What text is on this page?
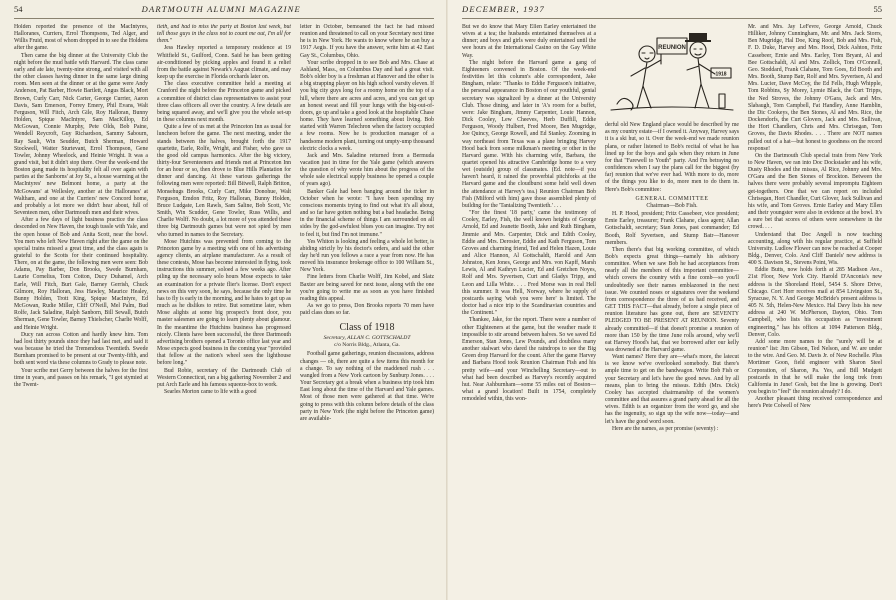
54	DARTMOUTH ALUMNI MAGAZINE

Holden reported the presence of the MacIntyres, Halloranes, Curriers, Errol Thompsons, Ted Alger, and Willis Fruid, most of whom dropped in to see the Holdens after the game.

Then came the big dinner at the University Club the night before the mud battle with Harvard. The class came early and ate late, twenty-nine strong, and visited with all the other classes having dinner in the same large dining room. Men seen at the dinner or at the game were Andy Anderson, Pat Barber, Howie Bartlett, Angus Black, Mort Brown, Curly Carr, Nick Carter, George Currier, Aaron Davis, Sam Emerson, Forrey Emery, Phil Evans, Walt Ferguson, Will Fitch, Arch Gile, Roy Halloran, Bunny Holden, Spique MacIntyre, Sam MacKillop, Ed McGowan, Connie Murphy, Pete Olds, Bob Paine, Wendell Reycroft, Guy Richardson, Sammy Sabourn, Ray Sault, Win Seudder, Butch Sherman, Howard Stockwell, Watter Sturtevant, Errol Thompson, Gene Towler, Johnny Wheelock, and Heinie Wright. It was a grand visit, but it didn't stop there. Over the week-end the Boston gang made its hospitality felt all over again with parties at the Sanborns' at Joy St., a house warming at the MacIntyres' new Belmont home, a party at the McGowans' at Wellesley, another at the Halloranes' at Waltham, and one at the Curriers' new Concord home, and probably a lot more we didn't hear about, full of Seventeen men, other Dartmouth men and their wives.

After a few days of light business practice the class descended on New Haven, the tough tussle with Yale, and the open house of Bob and Anita Scott, near the bowl. You men who left New Haven right after the game on the special trains missed a great time, and the class again is grateful to the Scotts for their continued hospitality. There, on at the game, the following men were seen: Bob Adams, Pay Barber, Don Brooks, Swede Burnham, Laurie Cornelius, Tom Cotton, Ducy Duhamel, Arch Earle, Will Fitch, Burt Gale, Barney Gerrish, Chuck Gilmore, Roy Halloran, Jess Hawley, Maurice Healey, Bunny Holden, Trott King, Spique MacIntyre, Ed McGowan, Rudie Miller, Cliff O'Neill, Mel Palm, Bud Rolfe, Jack Saladine, Ralph Sanborn, Bill Sewall, Butch Sherman, Gene Towler, Barney Thielscher, Charlie Wolff, and Heinie Wright.

Ducy ran across Cotton and hardly knew him. Tom had lost thirty pounds since they had last met, and said it was because he tried the Tremendous Twentieth. Swede Burnham promised to be present at our Twenty-fifth, and both sent word via these columns to Grady to please note.

Your scribe met Gerry between the halves for the first time in years, and passes on his remark, "I got stymied at the Twent-

tieth, and had to miss the party at Boston last week, but tell those guys in the class not to count me out, I'm all for them."

Jess Hawley reported a temporary residence at 19 Whitfield St., Guilford, Conn. Said he has been getting air-conditioned by picking apples and found it a relief from the battle against Newark's August climate, and may keep up the exercise in Florida orchards later on.

The class executive committee held a meeting at Cranford the night before the Princeton game and picked a committee of district class representatives to assist your three class officers all over the country. A few details are being squared away, and we'll give you the whole set-up in these columns next month.

Quite a few of us met at the Princeton Inn as usual for luncheon before the game. The next meeting, under the stands between the halves, brought forth the 1917 quartette, Earle, Rolfe, Wright, and Fisher, who gave us the good old campus harmonics. After the big victory, thirty-four Seventeeners and friends met at Princeton Inn for an hour or so, then drove to Blue Hills Plantation for dinner and dancing. At these various gatherings the following men were reported: Bill Bitwell, Ralph Britton, Monsehugs Brooks, Curly Carr, Mike Donohue, Walt Ferguson, Emdon Fritz, Roy Halloran, Bunny Holden, Bruce Ludgate, Len Rawls, Sam Saline, Bob Scott, Vic Smith, Win Scudder, Gene Towler, Russ Willis, and Charlie Wolff. No doubt, a lot more of you attended these three big Dartmouth games but were not spied by men who turned in names to the Secretary.

Mose Hutchins was prevented from coming to the Princeton game by a meeting with one of his advertising agency clients, an airplane manufacturer. As a result of these contests, Mose has become interested in flying, took instructions this summer, soloed a few weeks ago. After piling up the necessary solo hours Mose expects to take an examination for a private flier's license. Don't expect news on this very soon, he says, because the only time he has to fly is early in the morning, and he hates to get up as much as he dislikes to retire. But sometime later, when Mose alights at some big prospect's front door, you master salesmen are going to learn plenty about glamour. In the meantime the Hutchins business has progressed nicely. Clients have been successful, the three Dartmouth advertising brothers opened a Toronto office last year and Mose expects good business in the coming year "provided that fellow at the nation's wheel sees the lighthouse before long."

Bud Robie, secretary of the Dartmouth Club of Western Connecticut, ran a big gathering November 2 and put Arch Earle and his famous squeeze-box to work.

Searles Morton came to life with a good

letter in October, bemoaned the fact he had missed reunion and threatened to call on your Secretary next time he is in New York. He wants to know where he can buy a 1917 Aegis. If you have the answer, write him at 42 East Gay St., Columbus, Ohio.

Your scribe dropped in to see Bob and Mrs. Chase at Ashland, Mass., on Columbus Day and had a great visit. Bob's older boy is a freshman at Hanover and the other is a big strapping player on his high school varsity eleven. If you big city guys long for a roomy home on the top of a hill, where there are acres and acres, and you can get up an honest sweat and fill your lungs with the big-out-of-doors, go up and take a good look at the hospitable Chase home. They have learned something about living. Bob started with Warren Telechron when the factory occupied a few rooms. Now he is production manager of a handsome modern plant, turning out umpty-ump thousand electric clocks a week.

Jack and Mrs. Saladine returned from a Bermuda vacation just in time for the Yale game (which answers the question of why wrote him about the progress of the whole sale electrical supply business he opened a couple of years ago).

Banker Gale had been banging around the ticker in October when he wrote: "I have been spending my conscious moments trying to find out what it's all about, and so far have gotten nothing but a bad headache. Being in the financial scheme of things I am surrounded on all sides by the god-awfulest blues you can imagine. Try not to feel it, but find I'm not immune."

Yes Whiton is looking and feeling a whole lot better, is abiding strictly by his doctor's orders, and said the other day he'd run you fellows a race a year from now. He has moved his insurance brokerage office to 100 William St., New York.

Fine letters from Charlie Wolff, Jim Kobel, and Slatz Baxter are being saved for next issue, along with the one you're going to write me as soon as you have finished reading this appeal.

As we go to press, Don Brooks reports 70 men have paid class dues so far.

Class of 1918
Secretary, ALLAN C. GOTTSCHALDT
c/o Norris Bldg., Atlanta, Ga.

Football game gatherings, reunion discussions, address changes — oh, there are quite a few items this month for a change. To say nothing of the maddened rush . . . wangled from a New York cartoon by Sunburp Jones. . . . Your Secretary got a break when a business trip took him East long about the time of the Harvard and Yale games. Most of those men were gathered at that time. We're going to press with this column before details of the class party in New York (the night before the Princeton game) are available-

DECEMBER, 1937	55

But we do know that Mary Ellen Earley entertained the wives at a tea; the husbands entertained themselves at a dinner; and boys and girls were duly entertained until the wee hours at the International Casino on the Gay White Way.

The night before the Harvard game a gang of Eighteeners convened in Boston. Of the week-end festivities let this column's able correspondent, Jake Bingham, relate: "Thanks to Eddie Ferguson's initiative, the personal appearance in Boston of our youthful, genial secretary was signalized by a dinner at the University Club. Those dining, and later in 'A's room for a buffet, were: Jake Bingham, Jimmy Carpenter, Louie Hannon, Dick Cooley, Lew Cheeves, Herb Duffill, Eddie Ferguson, Woody Hulbert, Fred Moore, Ben Mugridge, Joe Quincy, George Rowell, and Ed Stanley. Zooming in way northeast from Texas was a plane bringing Harvey Hood back from some milkman's meeting or other in the Harvard game. With his charming wife, Barbara, the quartet opened his attractive Cambridge home to a very wet (outside) group of classmates. (Ed. note—if you haven't heard, it rained the proverbial pitchforks at the Harvard game and the cloudburst some held well down the attendance at Harvey's tea.) Reunion Chairman Bob Fish (Milford with him) gave those assembled plenty of building for the 'Tantalizing Twentieth.' . . .

"For the finest '18 party,' came the testimony of Cooley, Earley, Fish, the well known heights of George Arnold, Ed and Jeanette Booth, Jake and Ruth Bingham, Jimmie and Mrs. Carpenter, Dick and Edith Cooley, Eddie and Mrs. Derosier, Eddie and Kath Ferguson, Tom Groves and charming friend, Ted and Helen Hazen, Louie and Alice Hannon, Al Gottschaldt, Harold and Ann Johnston, Ken Jones, George and Mrs. von Kapff, Marsh Lewis, Al and Kathryn Lucier, Ed and Gretchen Noyes, Rolf and Mrs. Syvertsen, Curt and Gladys Tripp, and Leon and Lilla White. . . . Fred Morse was in real Hell this summer. It was Hell, Norway, where he supply of postcards saying 'wish you were here' is limited. The doctor had a nice trip to the Scandinavian countries and the Continent."

Thankee, Jake, for the report. There were a number of other Eighteeners at the game, but the weather made it impossible to stir around between halves. So we saved Ed Emerson, Stan Jones, Lew Pounds, and doubtless many another stalwart who dared the raindrops to see the Big Green drop Harvard for the count. After the game Harvey and Barbara Hood took Reunion Chairman Fish and his pretty wife—and your Winchelling Secretary—out to what had been described as Harvey's recently acquired hut. Near Ashburnham—some 55 miles out of Boston—what a grand location! Built in 1754, completely remodeled within, this won-

REUNION
1918

derful old New England place would be described by me as my country estate—if I owned it. Anyway, Harvey says it is a ski hut, so it. Over the week-end we made reunion plans, or rather listened to Bob's recital of what he has lined up for the boys and gals when they return in June for that "Farewell to Youth" party. And I'm betraying no confidences when I say the plans call for the biggest (by far) reunion that we've ever had. With more to do, more of the things you like to do, more men to do them in. Here's Bob's committee:

GENERAL COMMITTEE
Chairman—Bob Fish.

H. P. Hood, president; Fritz Cassebeer, vice president; Ernie Earley, treasurer; Frank Clahane, class agent; Allan Gottschaldt, secretary; Stan Jones, past commander; Ed Booth, Rolf Syvertsen, and Stump Batr—Hanover members.

Then there's that big working committee, of which Bob's expects great things—namely his advisory committee. When we saw Bob he had acceptances from nearly all the members of this important committee—which covers the country with a fine comb—so you'll undoubtedly see their names emblazoned in the next issue. We counted noses or signatures over the weekend from correspondence the three of us had received, and GET THIS FACT—that already, before a single piece of reunion literature has gone out, there are SEVENTY PLEDGED TO BE PRESENT AT REUNION. Seventy already committed—if that doesn't promise a reunion of more than 150 by the time June rolls around, why we'll eat Harvey Hood's hat, that we borrowed after our kelly was drowned at the Harvard game.

Want names? Here they are—what's more, the latecut is we know we've overlooked somebody. But there's ample time to get on the bandwagon. Write Bob Fish or your Secretary and let's have the good news. And by all means, plan to bring the missus. Edith (Mrs. Dick) Cooley has accepted chairmanship of the women's committee and that assures a grand party ahead for all the wives. Edith is an organizer from the word go, and she has the ingenuity, so sign up the wife now—today—and let's have the good word soon.

Here are the names, as per promise (seventy) :

Mr. and Mrs. Jay LeFevre, George Arnold, Chuck Hilliker, Johnny Cunningham, Mr. and Mrs. Jack Storrs, Ben Mugridge, Hal Doe, King Roof, Bob and Mrs. Fish, F. D. Duke, Harvey and Mrs. Hood, Dick Ashton, Fritz Cassebeer, Ernie and Mrs. Earley, Tom Bryant, Al and Bee Gottschaldt, Al and Mrs. Zollick, Tom O'Connell, Geo. Stoddard, Frank Clahane, Tom Goes, Ed Booth and Mrs. Booth, Stump Batr, Rolf and Mrs. Syvertsen, Al and Mrs. Lucier, Dave McCoy, the Ed Fells, Hugh Whipple, Tom Robbins, Sy Morey, Lymie Black, the Curt Tripps, the Ned Stroves, the Johnny O'Gara, Jack and Mrs. Slabaugh, Tom Campbell, Fat Handley, Anne Hamblin, the Dic Cookeys, the Ben Stones, Al and Mrs. Rice, the Dockendorfs, the Curt Glovers, Jack and Mrs. Sullivan, the Hort Chandlers, Chris and Mrs. Chrisegan, Tom Groves, the Davis Rhodes. . . . There are NOT names pulled out of a hat—but honest to goodness on the record response!

On the Dartmouth Club special train from New York to New Haven, we ran into Doc Dockstader and his wife, Dusty Rhodes and the missus, Al Rice, Johnny and Mrs. O'Gara and the Ben Stones of Brockton. Between the halves there were probably several impromptu Eighteen get-togethers. One that we can report on included Chrisegan, Hort Chandler, Curt Glover, Jack Sullivan and his wife, and Tom Groves. Ernie Earley and Mary Ellen and their youngster were also in evidence at the bowl. It's a sure bet that scores of others were somewhere in the crowd. . . .

Understand that Doc Angell is now teaching accounting, along with his regular practice, at Suffield University. Ludlow Flower can now be reached at Cooper Bldg., Denver, Colo. And Cliff Daniels' new address is 400 S. Davison St., Stevens Point, Wis.

Eddie Butts, now holds forth at 285 Madison Ave., 21st Floor, New York City. Harold D'Anconia's new address is the Shoreland Hotel, 5454 S. Shore Drive, Chicago. Cort Horr receives mail at 854 Livingston St., Syracuse, N. Y. And George McBride's present address is 405 N. 5th, Helen-New Mexico. Hal Davy lists his new address at 240 W. McPherson, Dayton, Ohio. Tom Campbell, who lists his occupation as "investment engineering," has his offices at 1094 Patterson Bldg., Denver, Colo.

Add some more names to the "surely will be at reunion" list: Jim Gibson, Ted Nelson, and W. are under to the wire. And Geo. M. Davis Jr. of New Rochelle. Plus Mortimer Goon, field engineer with Sharon Steel Corporation, of Sharon, Pa. Yes, and Bill Mudgett postcards in that he will make the long trek from California in June! Gosh, but the line is growing. Don't you begin to "feel" the reunion already? I do.

Another pleasant thing received correspondence and here's Pete Colwell of New
